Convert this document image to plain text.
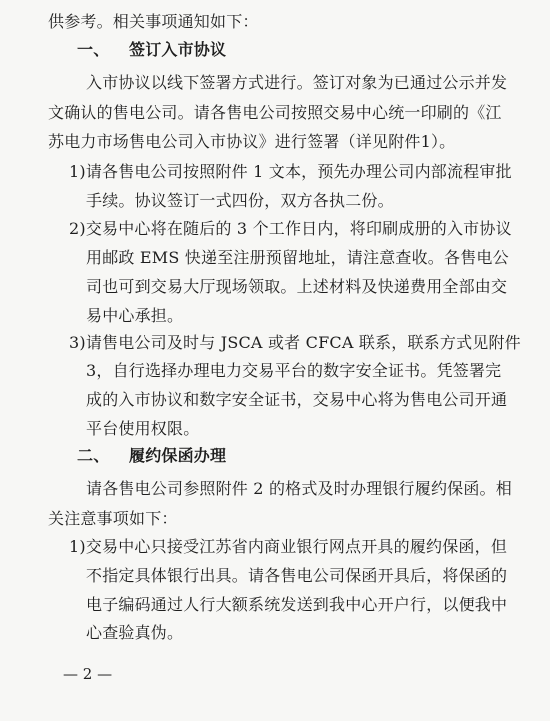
供参考。相关事项通知如下：
一、 签订入市协议
入市协议以线下签署方式进行。签订对象为已通过公示并发
文确认的售电公司。请各售电公司按照交易中心统一印刷的《江
苏电力市场售电公司入市协议》进行签署（详见附件1）。
1)请各售电公司按照附件 1 文本，预先办理公司内部流程审批
手续。协议签订一式四份，双方各执二份。
2)交易中心将在随后的 3 个工作日内，将印刷成册的入市协议
用邮政 EMS 快递至注册预留地址，请注意查收。各售电公
司也可到交易大厅现场领取。上述材料及快递费用全部由交
易中心承担。
3)请售电公司及时与 JSCA 或者 CFCA 联系，联系方式见附件
3，自行选择办理电力交易平台的数字安全证书。凭签署完
成的入市协议和数字安全证书，交易中心将为售电公司开通
平台使用权限。
二、 履约保函办理
请各售电公司参照附件 2 的格式及时办理银行履约保函。相
关注意事项如下：
1)交易中心只接受江苏省内商业银行网点开具的履约保函，但
不指定具体银行出具。请各售电公司保函开具后，将保函的
电子编码通过人行大额系统发送到我中心开户行，以便我中
心查验真伪。
— 2 —
